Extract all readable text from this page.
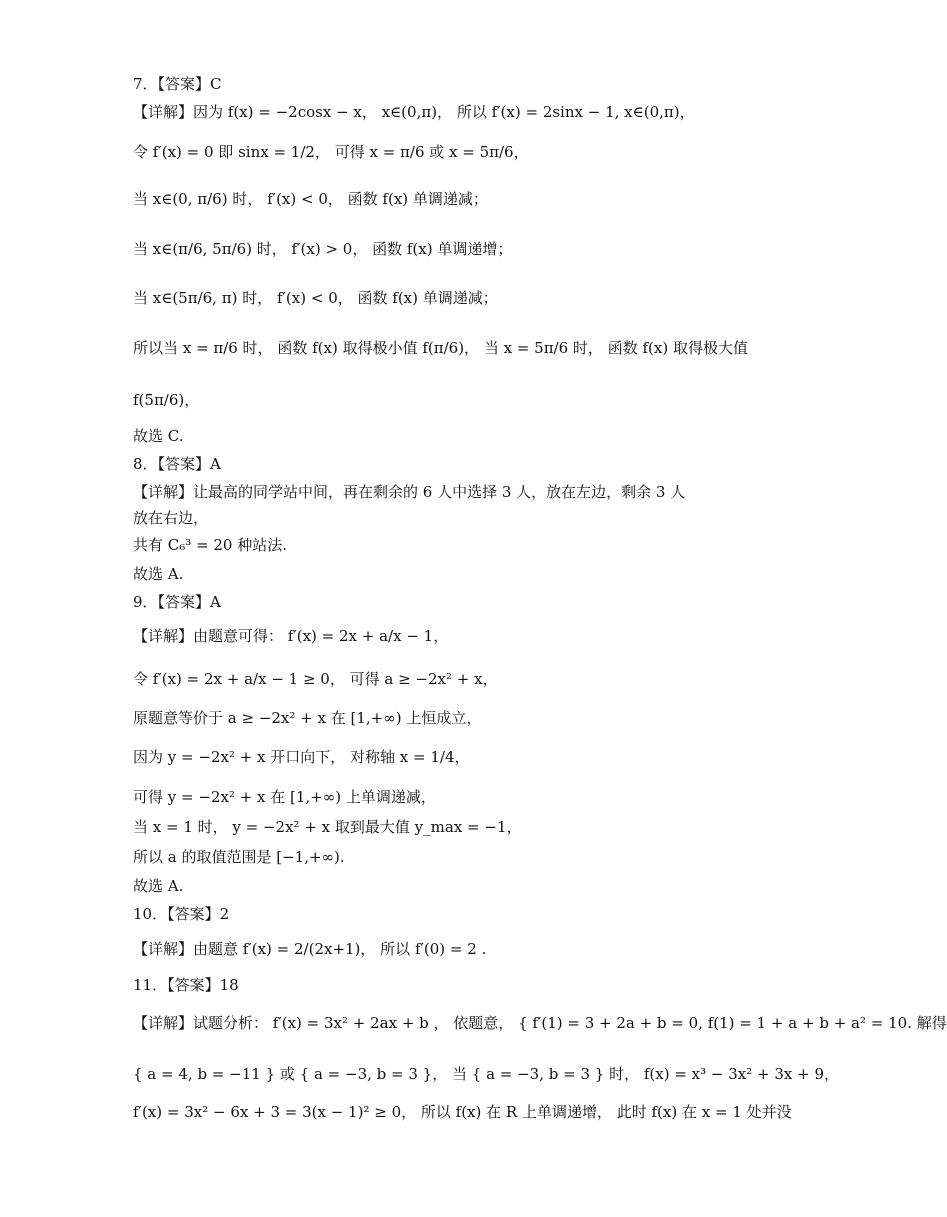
7．【答案】C
【详解】因为 f(x) = −2cosx − x， x∈(0,π)， 所以 f′(x) = 2sinx − 1, x∈(0,π)，
令 f′(x) = 0 即 sinx = 1/2， 可得 x = π/6 或 x = 5π/6，
当 x∈(0, π/6) 时， f′(x) < 0， 函数 f(x) 单调递减；
当 x∈(π/6, 5π/6) 时， f′(x) > 0， 函数 f(x) 单调递增；
当 x∈(5π/6, π) 时， f′(x) < 0， 函数 f(x) 单调递减；
所以当 x = π/6 时， 函数 f(x) 取得极小值 f(π/6)， 当 x = 5π/6 时， 函数 f(x) 取得极大值
f(5π/6)，
故选 C.
8．【答案】A
【详解】让最高的同学站中间，再在剩余的 6 人中选择 3 人，放在左边，剩余 3 人
放在右边，
共有 C₆³ = 20 种站法.
故选 A.
9．【答案】A
【详解】由题意可得： f′(x) = 2x + a/x − 1，
令 f′(x) = 2x + a/x − 1 ≥ 0， 可得 a ≥ −2x² + x，
原题意等价于 a ≥ −2x² + x 在 [1,+∞) 上恒成立，
因为 y = −2x² + x 开口向下， 对称轴 x = 1/4，
可得 y = −2x² + x 在 [1,+∞) 上单调递减，
当 x = 1 时， y = −2x² + x 取到最大值 y_max = −1，
所以 a 的取值范围是 [−1,+∞).
故选 A.
10．【答案】2
【详解】由题意 f′(x) = 2/(2x+1)， 所以 f′(0) = 2 .
11．【答案】18
【详解】试题分析： f′(x) = 3x² + 2ax + b ， 依题意， { f′(1) = 3 + 2a + b = 0, f(1) = 1 + a + b + a² = 10. 解得
{ a = 4, b = −11 } 或 { a = −3, b = 3 }， 当 { a = −3, b = 3 } 时， f(x) = x³ − 3x² + 3x + 9，
f′(x) = 3x² − 6x + 3 = 3(x − 1)² ≥ 0， 所以 f(x) 在 R 上单调递增， 此时 f(x) 在 x = 1 处并没
